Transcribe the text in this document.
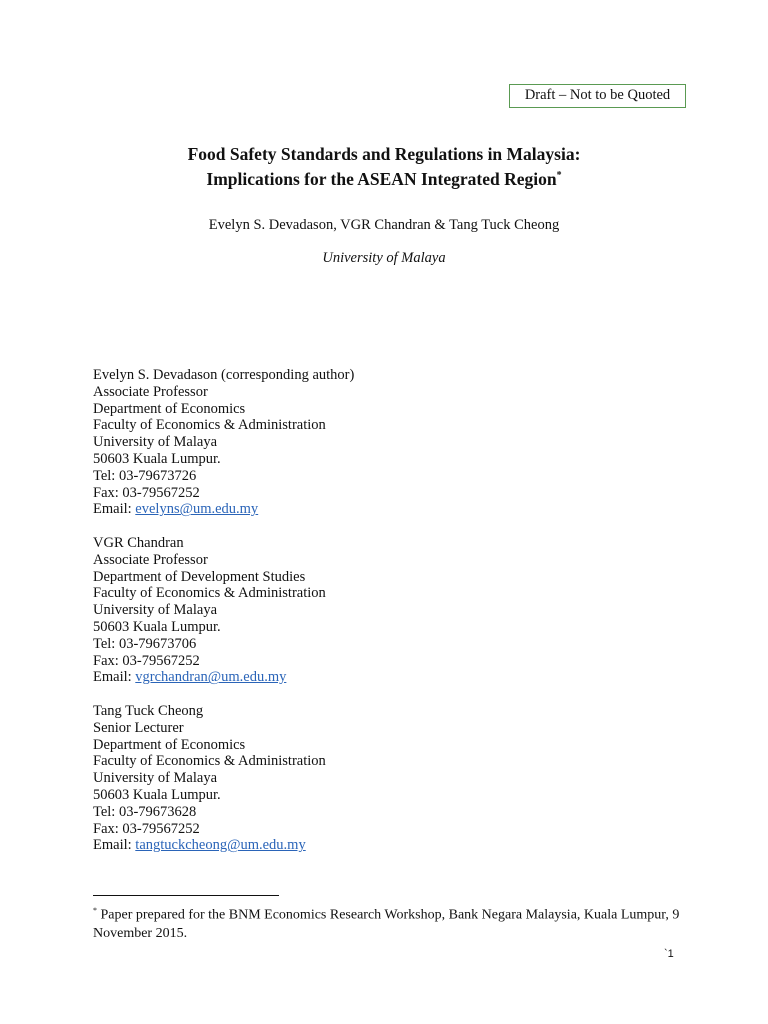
Draft – Not to be Quoted
Food Safety Standards and Regulations in Malaysia:
Implications for the ASEAN Integrated Region*
Evelyn S. Devadason, VGR Chandran & Tang Tuck Cheong
University of Malaya
Evelyn S. Devadason (corresponding author)
Associate Professor
Department of Economics
Faculty of Economics & Administration
University of Malaya
50603 Kuala Lumpur.
Tel: 03-79673726
Fax: 03-79567252
Email: evelyns@um.edu.my
VGR Chandran
Associate Professor
Department of Development Studies
Faculty of Economics & Administration
University of Malaya
50603 Kuala Lumpur.
Tel: 03-79673706
Fax: 03-79567252
Email: vgrchandran@um.edu.my
Tang Tuck Cheong
Senior Lecturer
Department of Economics
Faculty of Economics & Administration
University of Malaya
50603 Kuala Lumpur.
Tel: 03-79673628
Fax: 03-79567252
Email: tangtuckcheong@um.edu.my
* Paper prepared for the BNM Economics Research Workshop, Bank Negara Malaysia, Kuala Lumpur, 9 November 2015.
`1
